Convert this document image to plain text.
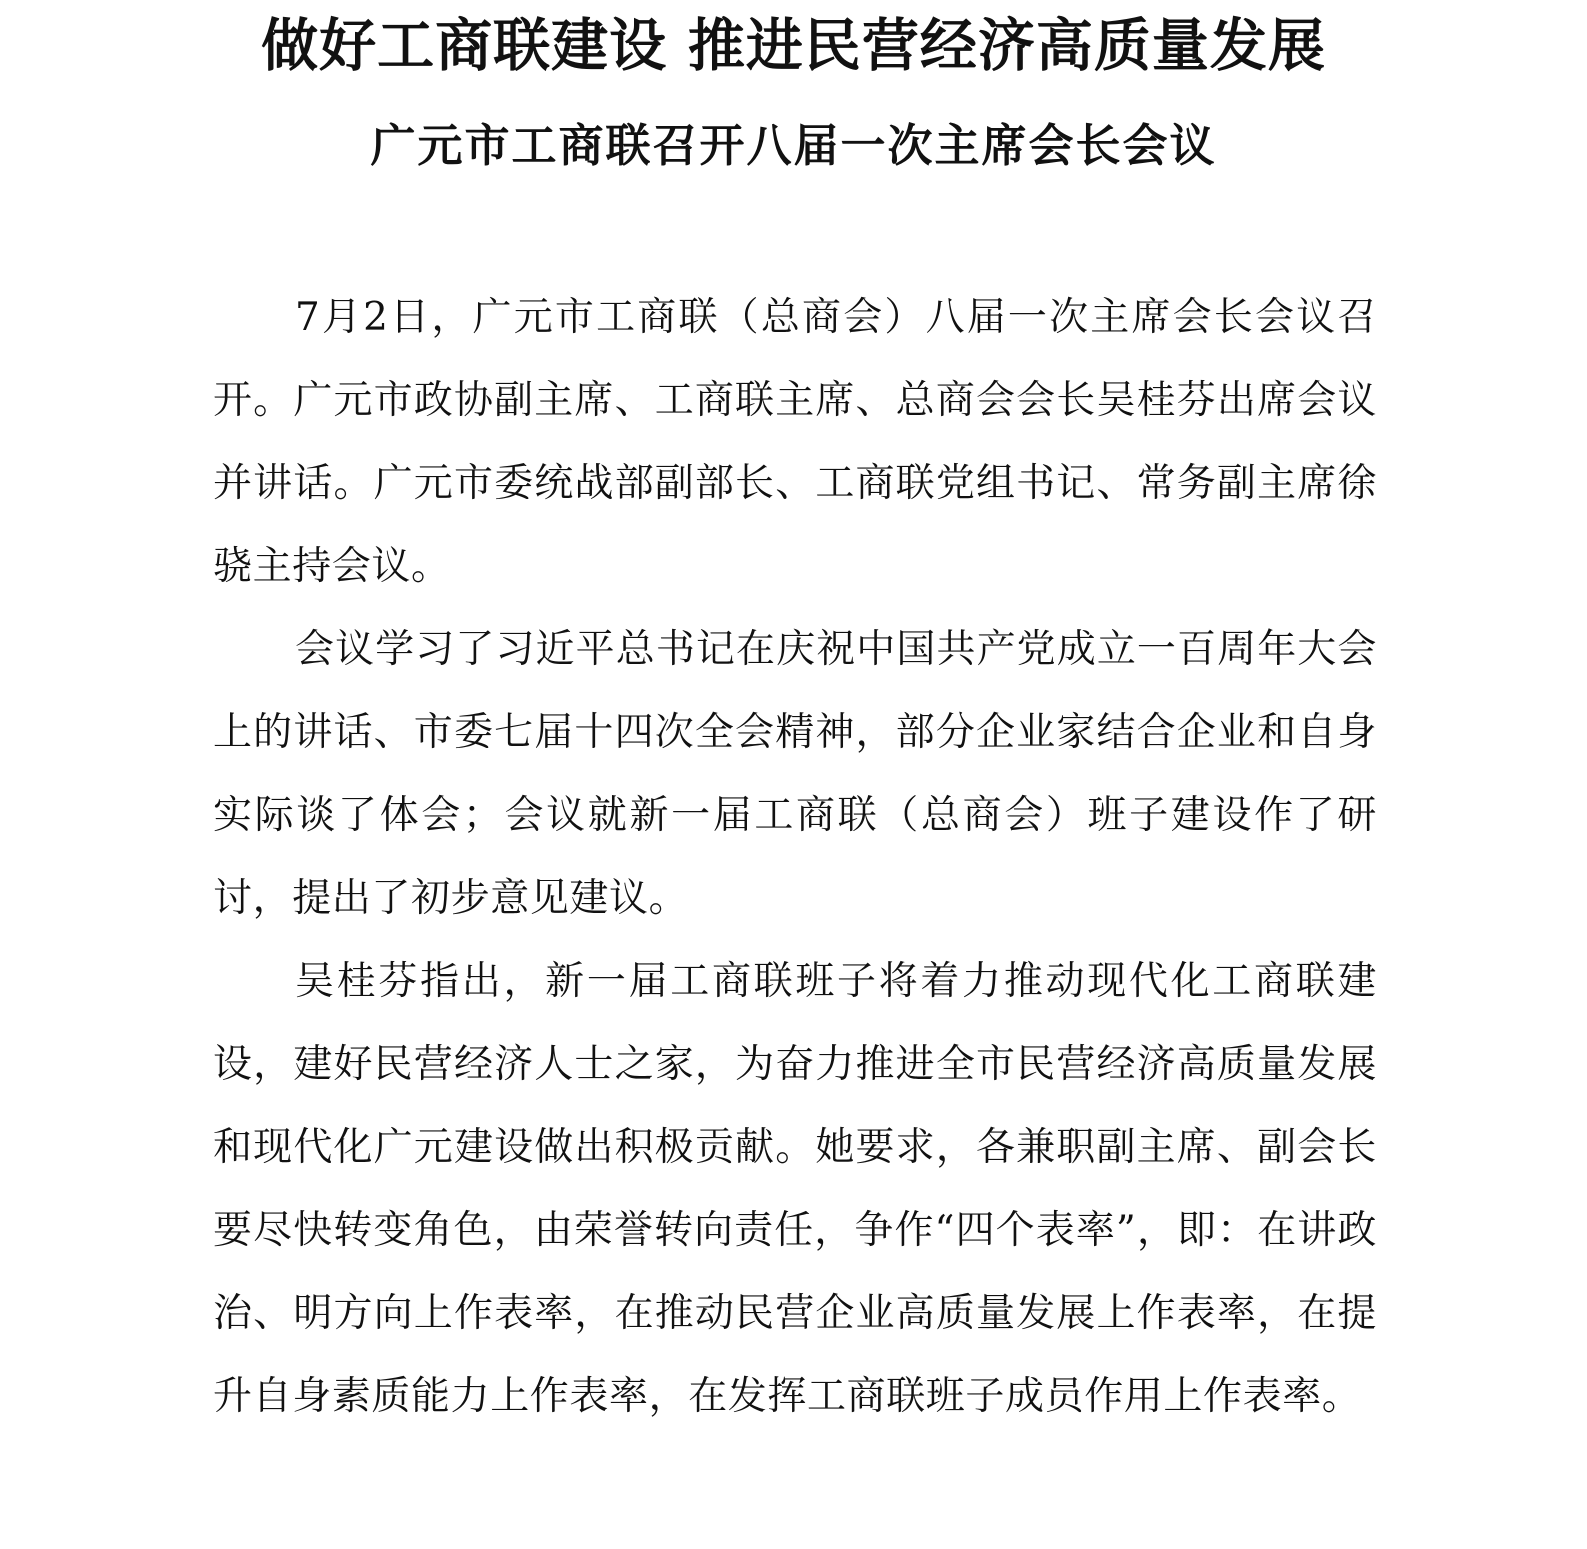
做好工商联建设 推进民营经济高质量发展
广元市工商联召开八届一次主席会长会议

7月2日，广元市工商联（总商会）八届一次主席会长会议召开。广元市政协副主席、工商联主席、总商会会长吴桂芬出席会议并讲话。广元市委统战部副部长、工商联党组书记、常务副主席徐骁主持会议。

会议学习了习近平总书记在庆祝中国共产党成立一百周年大会上的讲话、市委七届十四次全会精神，部分企业家结合企业和自身实际谈了体会；会议就新一届工商联（总商会）班子建设作了研讨，提出了初步意见建议。

吴桂芬指出，新一届工商联班子将着力推动现代化工商联建设，建好民营经济人士之家，为奋力推进全市民营经济高质量发展和现代化广元建设做出积极贡献。她要求，各兼职副主席、副会长要尽快转变角色，由荣誉转向责任，争作“四个表率”，即：在讲政治、明方向上作表率，在推动民营企业高质量发展上作表率，在提升自身素质能力上作表率，在发挥工商联班子成员作用上作表率。
